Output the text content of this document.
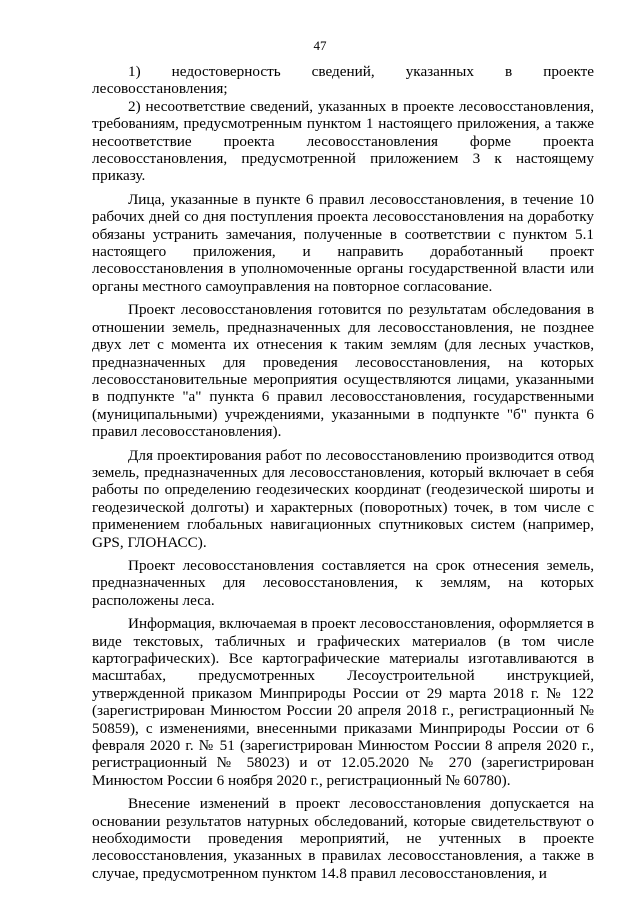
47

1) недостоверность сведений, указанных в проекте лесовосстановления;

2) несоответствие сведений, указанных в проекте лесовосстановления, требованиям, предусмотренным пунктом 1 настоящего приложения, а также несоответствие проекта лесовосстановления форме проекта лесовосстановления, предусмотренной приложением 3 к настоящему приказу.

Лица, указанные в пункте 6 правил лесовосстановления, в течение 10 рабочих дней со дня поступления проекта лесовосстановления на доработку обязаны устранить замечания, полученные в соответствии с пунктом 5.1 настоящего приложения, и направить доработанный проект лесовосстановления в уполномоченные органы государственной власти или органы местного самоуправления на повторное согласование.

Проект лесовосстановления готовится по результатам обследования в отношении земель, предназначенных для лесовосстановления, не позднее двух лет с момента их отнесения к таким землям (для лесных участков, предназначенных для проведения лесовосстановления, на которых лесовосстановительные мероприятия осуществляются лицами, указанными в подпункте "а" пункта 6 правил лесовосстановления, государственными (муниципальными) учреждениями, указанными в подпункте "б" пункта 6 правил лесовосстановления).

Для проектирования работ по лесовосстановлению производится отвод земель, предназначенных для лесовосстановления, который включает в себя работы по определению геодезических координат (геодезической широты и геодезической долготы) и характерных (поворотных) точек, в том числе с применением глобальных навигационных спутниковых систем (например, GPS, ГЛОНАСС).

Проект лесовосстановления составляется на срок отнесения земель, предназначенных для лесовосстановления, к землям, на которых расположены леса.

Информация, включаемая в проект лесовосстановления, оформляется в виде текстовых, табличных и графических материалов (в том числе картографических). Все картографические материалы изготавливаются в масштабах, предусмотренных Лесоустроительной инструкцией, утвержденной приказом Минприроды России от 29 марта 2018 г. № 122 (зарегистрирован Минюстом России 20 апреля 2018 г., регистрационный № 50859), с изменениями, внесенными приказами Минприроды России от 6 февраля 2020 г. № 51 (зарегистрирован Минюстом России 8 апреля 2020 г., регистрационный № 58023) и от 12.05.2020 № 270 (зарегистрирован Минюстом России 6 ноября 2020 г., регистрационный № 60780).

Внесение изменений в проект лесовосстановления допускается на основании результатов натурных обследований, которые свидетельствуют о необходимости проведения мероприятий, не учтенных в проекте лесовосстановления, указанных в правилах лесовосстановления, а также в случае, предусмотренном пунктом 14.8 правил лесовосстановления, и
